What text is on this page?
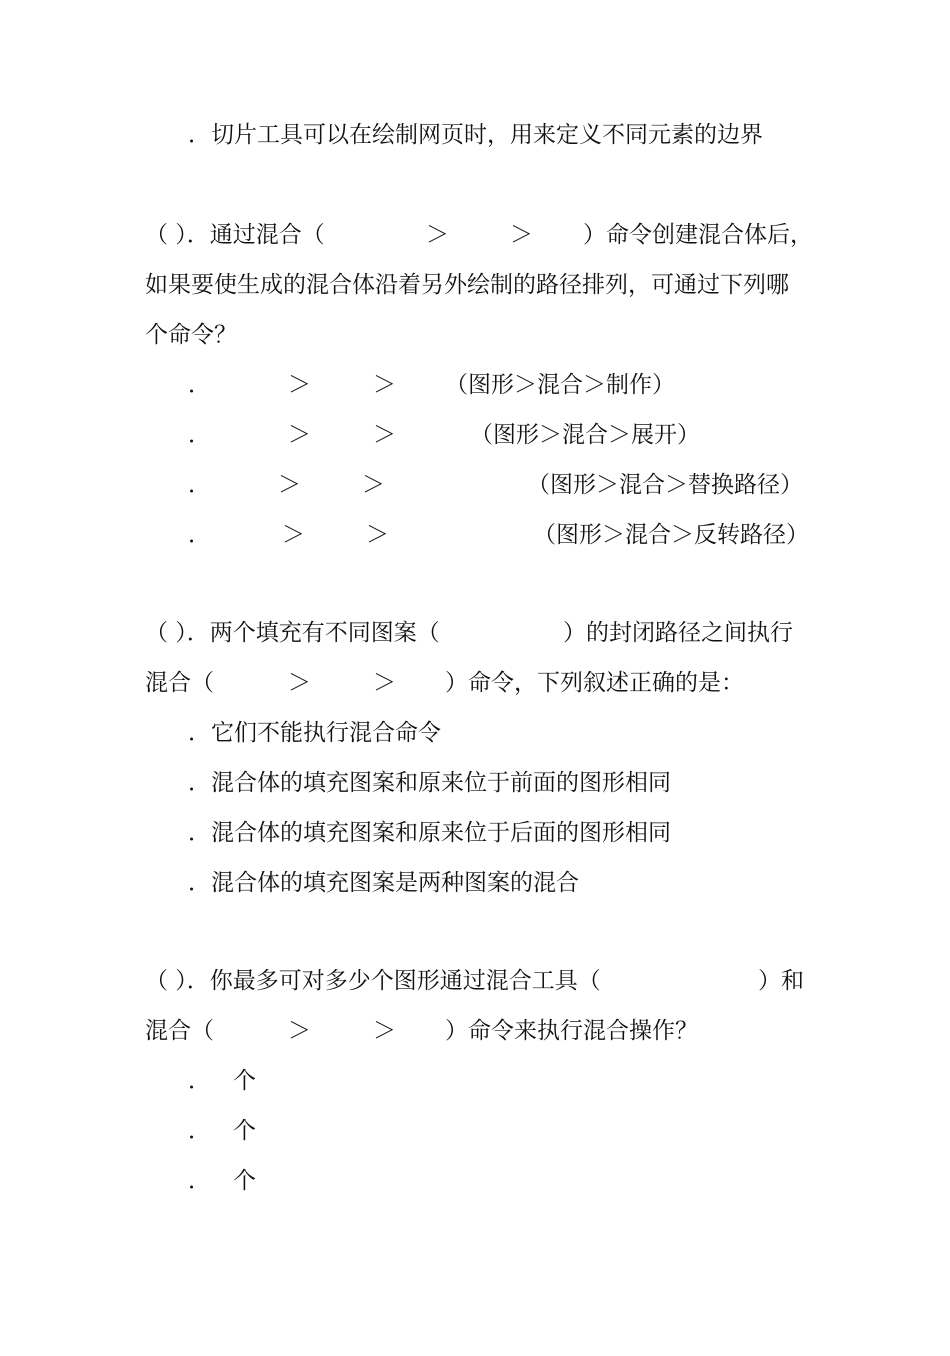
．切片工具可以在绘制网页时，用来定义不同元素的边界

（ ）．通过混合（

	＞

	＞

）命令创建混合体后，

如果要使生成的混合体沿着另外绘制的路径排列，可通过下列哪

个命令？

．

	＞

	＞

（图形＞混合＞制作）

．

	＞

	＞

	（图形＞混合＞展开）

．

	＞

	＞

	（图形＞混合＞替换路径）

．

	＞

	＞

	（图形＞混合＞反转路径）

（ ）．两个填充有不同图案（

	）的封闭路径之间执行

混合（

	＞

	＞

）命令，下列叙述正确的是：

．它们不能执行混合命令

．混合体的填充图案和原来位于前面的图形相同

．混合体的填充图案和原来位于后面的图形相同

．混合体的填充图案是两种图案的混合

（ ）．你最多可对多少个图形通过混合工具（

	）和

混合（

	＞

	＞

）命令来执行混合操作？

．

个

．

个

．

个
